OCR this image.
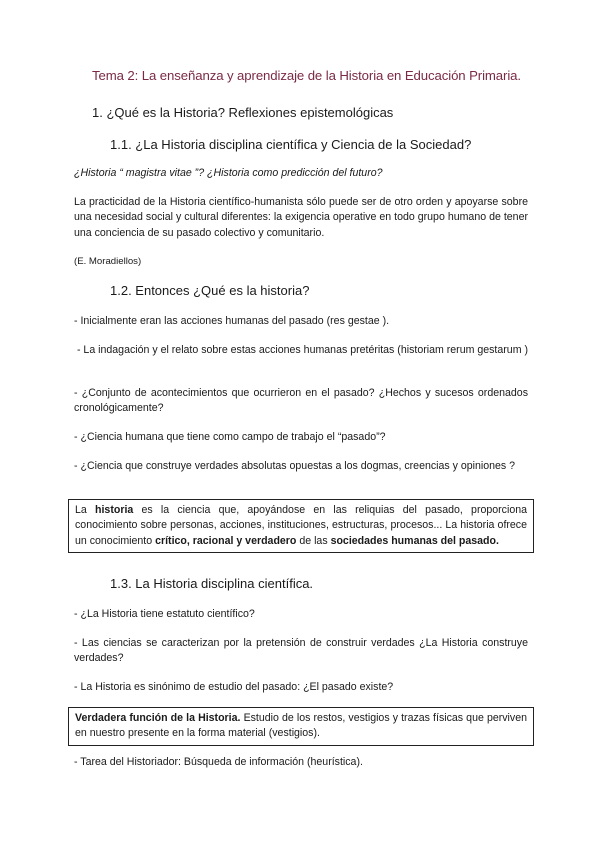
Tema 2: La enseñanza y aprendizaje de la Historia en Educación Primaria.
1. ¿Qué es la Historia? Reflexiones epistemológicas
1.1. ¿La Historia disciplina científica y Ciencia de la Sociedad?
¿Historia “ magistra vitae ”? ¿Historia como predicción del futuro?
La practicidad de la Historia científico-humanista sólo puede ser de otro orden y apoyarse sobre una necesidad social y cultural diferentes: la exigencia operative en todo grupo humano de tener una conciencia de su pasado colectivo y comunitario.
(E. Moradiellos)
1.2. Entonces ¿Qué es la historia?
- Inicialmente eran las acciones humanas del pasado (res gestae ).
- La indagación y el relato sobre estas acciones humanas pretéritas (historiam rerum gestarum )
- ¿Conjunto de acontecimientos que ocurrieron en el pasado? ¿Hechos y sucesos ordenados cronológicamente?
- ¿Ciencia humana que tiene como campo de trabajo el “pasado”?
- ¿Ciencia que construye verdades absolutas opuestas a los dogmas, creencias y opiniones ?
La historia es la ciencia que, apoyándose en las reliquias del pasado, proporciona conocimiento sobre personas, acciones, instituciones, estructuras, procesos... La historia ofrece un conocimiento crítico, racional y verdadero de las sociedades humanas del pasado.
1.3. La Historia disciplina científica.
- ¿La Historia tiene estatuto científico?
- Las ciencias se caracterizan por la pretensión de construir verdades ¿La Historia construye verdades?
- La Historia es sinónimo de estudio del pasado: ¿El pasado existe?
Verdadera función de la Historia. Estudio de los restos, vestigios y trazas físicas que perviven en nuestro presente en la forma material (vestigios).
- Tarea del Historiador: Búsqueda de información (heurística).
